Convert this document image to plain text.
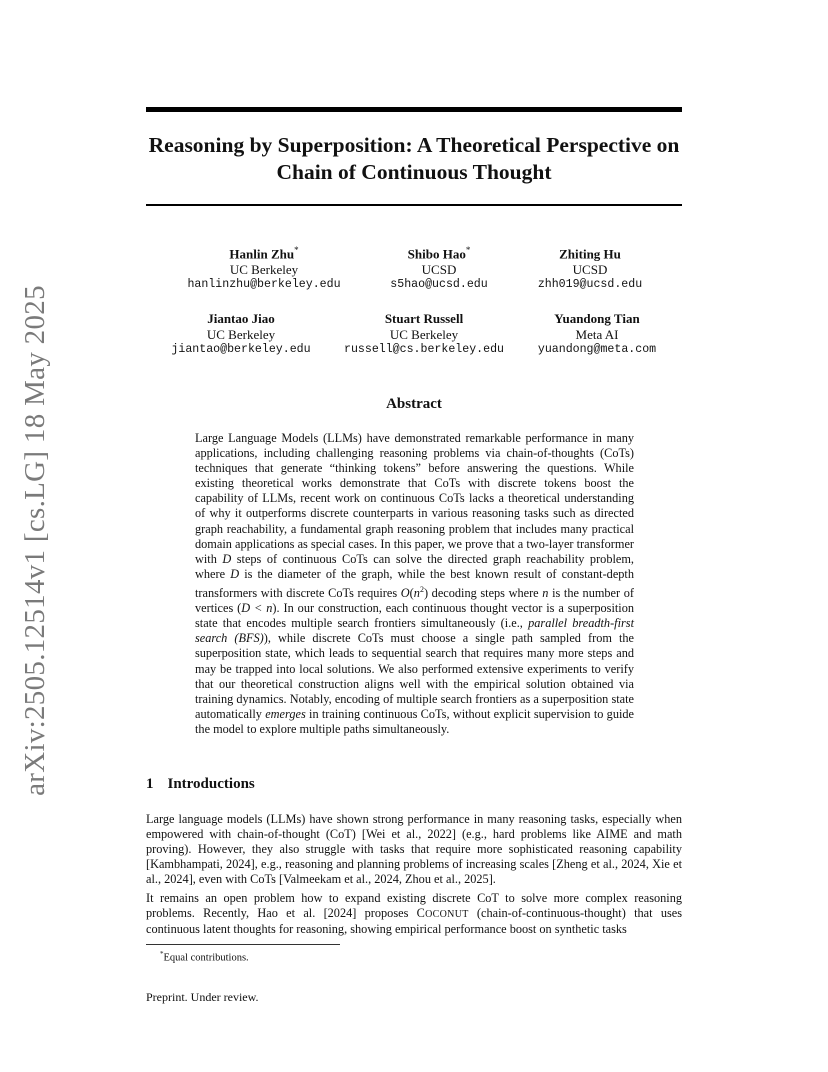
arXiv:2505.12514v1 [cs.LG] 18 May 2025
Reasoning by Superposition: A Theoretical Perspective on Chain of Continuous Thought
Hanlin Zhu*
UC Berkeley
hanlinzhu@berkeley.edu
Shibo Hao*
UCSD
s5hao@ucsd.edu
Zhiting Hu
UCSD
zhh019@ucsd.edu
Jiantao Jiao
UC Berkeley
jiantao@berkeley.edu
Stuart Russell
UC Berkeley
russell@cs.berkeley.edu
Yuandong Tian
Meta AI
yuandong@meta.com
Abstract
Large Language Models (LLMs) have demonstrated remarkable performance in many applications, including challenging reasoning problems via chain-of-thoughts (CoTs) techniques that generate “thinking tokens” before answering the questions. While existing theoretical works demonstrate that CoTs with discrete tokens boost the capability of LLMs, recent work on continuous CoTs lacks a theoretical understanding of why it outperforms discrete counterparts in various reasoning tasks such as directed graph reachability, a fundamental graph reasoning problem that includes many practical domain applications as special cases. In this paper, we prove that a two-layer transformer with D steps of continuous CoTs can solve the directed graph reachability problem, where D is the diameter of the graph, while the best known result of constant-depth transformers with discrete CoTs requires $O(n^2)$ decoding steps where n is the number of vertices (D < n). In our construction, each continuous thought vector is a superposition state that encodes multiple search frontiers simultaneously (i.e., parallel breadth-first search (BFS)), while discrete CoTs must choose a single path sampled from the superposition state, which leads to sequential search that requires many more steps and may be trapped into local solutions. We also performed extensive experiments to verify that our theoretical construction aligns well with the empirical solution obtained via training dynamics. Notably, encoding of multiple search frontiers as a superposition state automatically emerges in training continuous CoTs, without explicit supervision to guide the model to explore multiple paths simultaneously.
1 Introductions
Large language models (LLMs) have shown strong performance in many reasoning tasks, especially when empowered with chain-of-thought (CoT) [Wei et al., 2022] (e.g., hard problems like AIME and math proving). However, they also struggle with tasks that require more sophisticated reasoning capability [Kambhampati, 2024], e.g., reasoning and planning problems of increasing scales [Zheng et al., 2024, Xie et al., 2024], even with CoTs [Valmeekam et al., 2024, Zhou et al., 2025].
It remains an open problem how to expand existing discrete CoT to solve more complex reasoning problems. Recently, Hao et al. [2024] proposes COCONUT (chain-of-continuous-thought) that uses continuous latent thoughts for reasoning, showing empirical performance boost on synthetic tasks
*Equal contributions.
Preprint. Under review.
